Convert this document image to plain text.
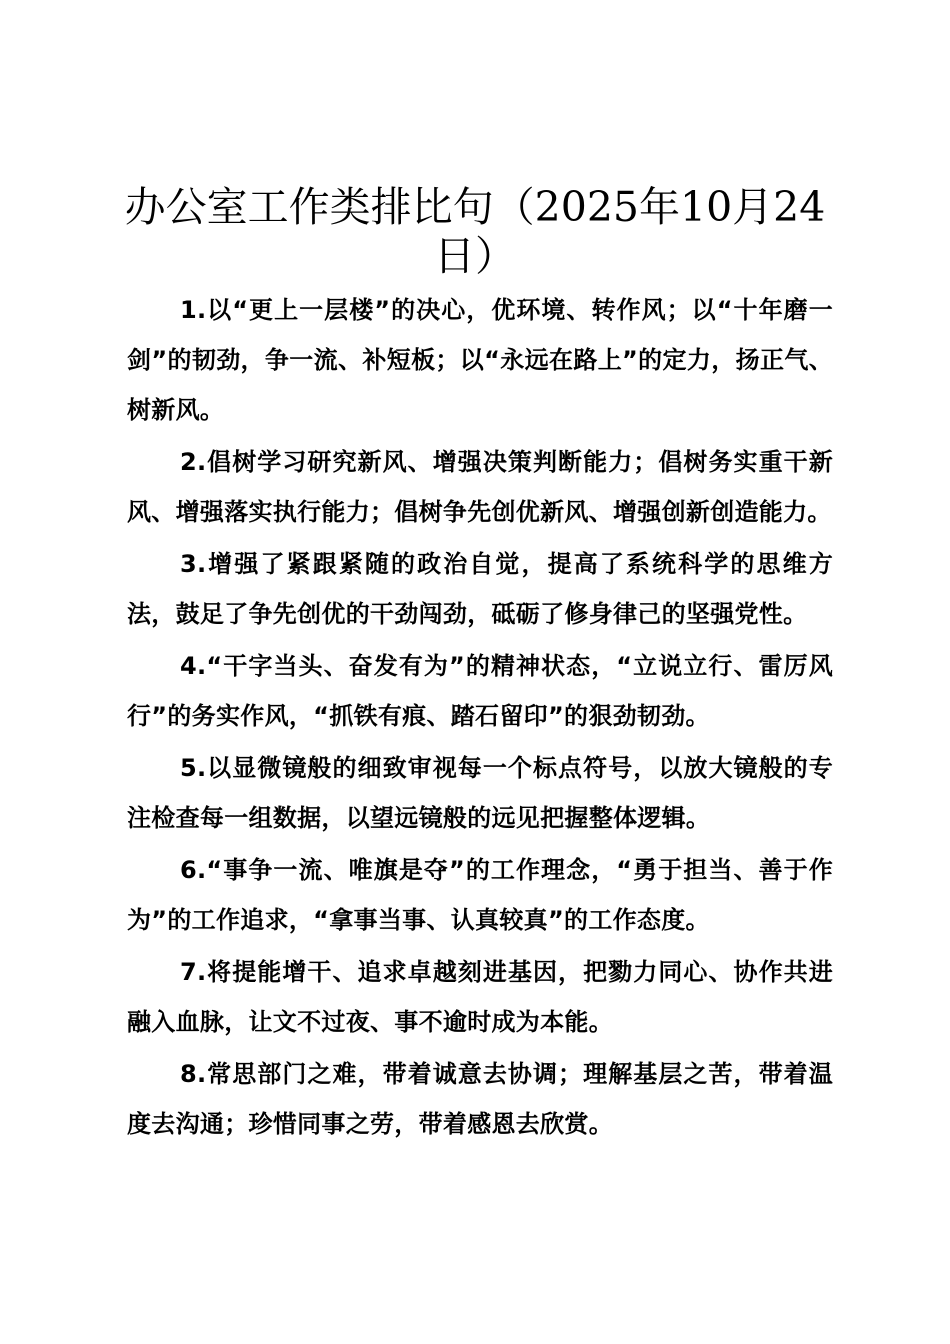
办公室工作类排比句（2025年10月24日）

1.以“更上一层楼”的决心，优环境、转作风；以“十年磨一剑”的韧劲，争一流、补短板；以“永远在路上”的定力，扬正气、树新风。

2.倡树学习研究新风、增强决策判断能力；倡树务实重干新风、增强落实执行能力；倡树争先创优新风、增强创新创造能力。

3.增强了紧跟紧随的政治自觉，提高了系统科学的思维方法，鼓足了争先创优的干劲闯劲，砥砺了修身律己的坚强党性。

4.“干字当头、奋发有为”的精神状态，“立说立行、雷厉风行”的务实作风，“抓铁有痕、踏石留印”的狠劲韧劲。

5.以显微镜般的细致审视每一个标点符号，以放大镜般的专注检查每一组数据，以望远镜般的远见把握整体逻辑。

6.“事争一流、唯旗是夺”的工作理念，“勇于担当、善于作为”的工作追求，“拿事当事、认真较真”的工作态度。

7.将提能增干、追求卓越刻进基因，把勠力同心、协作共进融入血脉，让文不过夜、事不逾时成为本能。

8.常思部门之难，带着诚意去协调；理解基层之苦，带着温度去沟通；珍惜同事之劳，带着感恩去欣赏。
